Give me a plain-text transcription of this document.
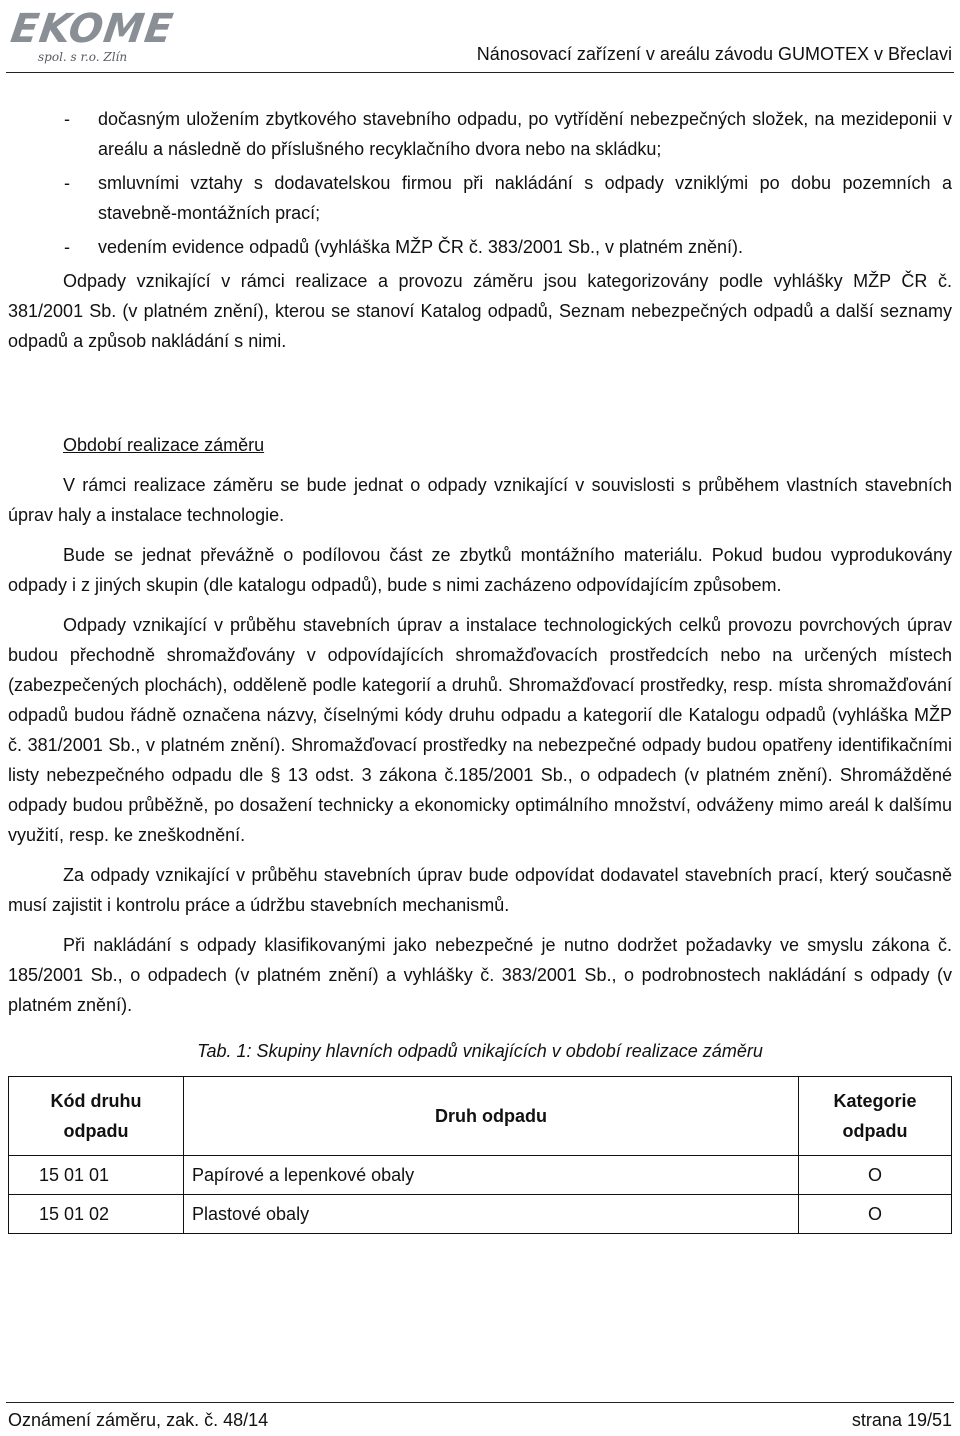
EKOME
spol. s r.o. Zlín	Nánosovací zařízení v areálu závodu GUMOTEX v Břeclavi
- dočasným uložením zbytkového stavebního odpadu, po vytřídění nebezpečných složek, na mezideponii v areálu a následně do příslušného recyklačního dvora nebo na skládku;
- smluvními vztahy s dodavatelskou firmou při nakládání s odpady vzniklými po dobu pozemních a stavebně-montážních prací;
- vedením evidence odpadů (vyhláška MŽP ČR č. 383/2001 Sb., v platném znění).

Odpady vznikající v rámci realizace a provozu záměru jsou kategorizovány podle vyhlášky MŽP ČR č. 381/2001 Sb. (v platném znění), kterou se stanoví Katalog odpadů, Seznam nebezpečných odpadů a další seznamy odpadů a způsob nakládání s nimi.

Období realizace záměru

V rámci realizace záměru se bude jednat o odpady vznikající v souvislosti s průběhem vlastních stavebních úprav haly a instalace technologie.

Bude se jednat převážně o podílovou část ze zbytků montážního materiálu. Pokud budou vyprodukovány odpady i z jiných skupin (dle katalogu odpadů), bude s nimi zacházeno odpovídajícím způsobem.

Odpady vznikající v průběhu stavebních úprav a instalace technologických celků provozu povrchových úprav budou přechodně shromažďovány v odpovídajících shromažďovacích prostředcích nebo na určených místech (zabezpečených plochách), odděleně podle kategorií a druhů. Shromažďovací prostředky, resp. místa shromažďování odpadů budou řádně označena názvy, číselnými kódy druhu odpadu a kategorií dle Katalogu odpadů (vyhláška MŽP č. 381/2001 Sb., v platném znění). Shromažďovací prostředky na nebezpečné odpady budou opatřeny identifikačními listy nebezpečného odpadu dle § 13 odst. 3 zákona č.185/2001 Sb., o odpadech (v platném znění). Shromážděné odpady budou průběžně, po dosažení technicky a ekonomicky optimálního množství, odváženy mimo areál k dalšímu využití, resp. ke zneškodnění.

Za odpady vznikající v průběhu stavebních úprav bude odpovídat dodavatel stavebních prací, který současně musí zajistit i kontrolu práce a údržbu stavebních mechanismů.

Při nakládání s odpady klasifikovanými jako nebezpečné je nutno dodržet požadavky ve smyslu zákona č. 185/2001 Sb., o odpadech (v platném znění) a vyhlášky č. 383/2001 Sb., o podrobnostech nakládání s odpady (v platném znění).

Tab. 1: Skupiny hlavních odpadů vnikajících v období realizace záměru
Kód druhu odpadu	Druh odpadu	Kategorie odpadu
15 01 01	Papírové a lepenkové obaly	O
15 01 02	Plastové obaly	O
Oznámení záměru, zak. č. 48/14	strana 19/51
